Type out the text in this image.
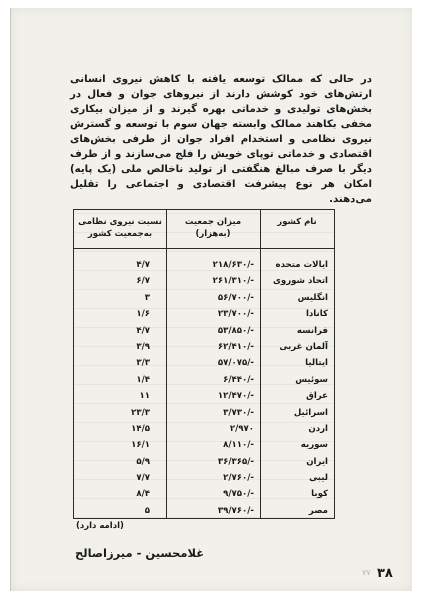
در حالی که ممالک توسعه یافته با کاهش نیروی انسانی ارتش‌های خود کوشش دارند از نیروهای جوان و فعال در بخش‌های تولیدی و خدماتی بهره گیرند و از میزان بیکاری مخفی بکاهند ممالک وابسته جهان سوم با توسعه و گسترش نیروی نظامی و استخدام افراد جوان از طرفی بخش‌های اقتصادی و خدماتی توپای خویش را فلج می‌سازند و از طرف دیگر با صرف مبالغ هنگفتی از تولید ناخالص ملی (یک پایه) امکان هر نوع پیشرفت اقتصادی و اجتماعی را تقلیل می‌دهند.

نام کشور
میزان جمعیت (به‌هزار)
نسبت نیروی نظامی به‌جمعیت کشور
ایالات متحده
۲۱۸/۶۳۰/-
۴/۷
اتحاد شوروی
۲۶۱/۳۱۰/-
۶/۷
انگلیس
۵۶/۷۰۰/-
۳
کانادا
۲۳/۷۰۰/-
۱/۶
فرانسه
۵۳/۸۵۰/-
۴/۷
آلمان غربی
۶۲/۴۱۰/-
۳/۹
ایتالیا
۵۷/۰۷۵/-
۳/۳
سوئیس
۶/۴۴۰/-
۱/۴
عراق
۱۲/۴۷۰/-
۱۱
اسرائیل
۳/۷۳۰/-
۲۳/۳
اردن
۲/۹۷۰
۱۴/۵
سوریه
۸/۱۱۰/-
۱۶/۱
ایران
۳۶/۳۶۵/-
۵/۹
لیبی
۲/۷۶۰/-
۷/۷
کوبا
۹/۷۵۰/-
۸/۴
مصر
۳۹/۷۶۰/-
۵
(ادامه دارد)
غلامحسین - میرزاصالح
۷۷ ۳۸
